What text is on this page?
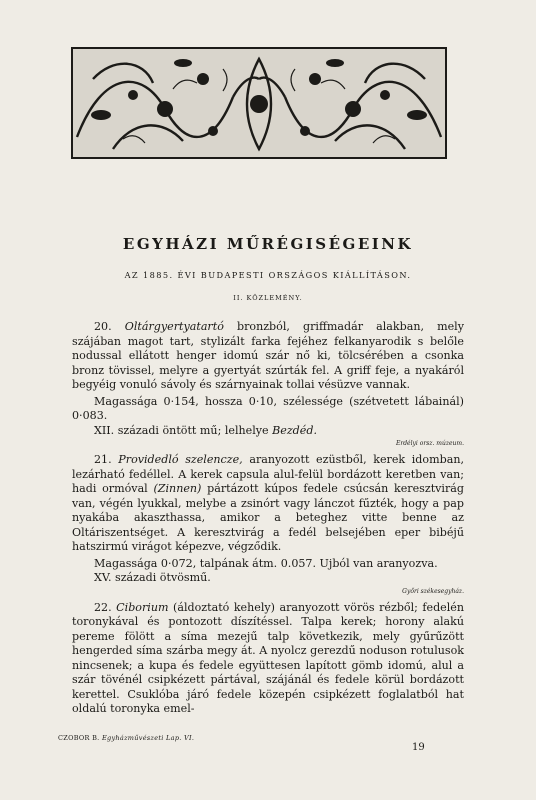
EGYHÁZI MŰRÉGISÉGEINK
AZ 1885. ÉVI BUDAPESTI ORSZÁGOS KIÁLLÍTÁSON.
II. KÖZLEMÉNY.

20. Oltárgyertyatartó bronzból, griffmadár alakban, mely szájában magot tart, stylizált farka fejéhez felkanyarodik s belőle nodussal ellátott henger idomú szár nő ki, tölcsérében a csonka bronz tövissel, melyre a gyertyát szúrták fel. A griff feje, a nyakáról begyéig vonuló sávoly és szárnyainak tollai vésüzve vannak.

Magassága 0·154, hossza 0·10, szélessége (szétvetett lábainál) 0·083.

XII. századi öntött mű; lelhelye Bezdéd.

Erdélyi orsz. múzeum.

21. Providedló szelencze, aranyozott ezüstből, kerek idomban, lezárható fedéllel. A kerek capsula alul-felül bordázott keretben van; hadi ormóval (Zinnen) pártázott kúpos fedele csúcsán keresztvirág van, végén lyukkal, melybe a zsinórt vagy lánczot fűzték, hogy a pap nyakába akaszthassa, amikor a beteghez vitte benne az Oltáriszentséget. A keresztvirág a fedél belsejében eper bibéjű hatszirmú virágot képezve, végződik.

Magassága 0·072, talpának átm. 0.057. Ujból van aranyozva.

XV. századi ötvösmű.

Győri székesegyház.

22. Ciborium (áldoztató kehely) aranyozott vörös rézből; fedelén toronykával és pontozott díszítéssel. Talpa kerek; horony alakú pereme fölött a síma mezejű talp következik, mely gyűrűzött hengerded síma szárba megy át. A nyolcz gerezdű noduson rotulusok nincsenek; a kupa és fedele együttesen lapított gömb idomú, alul a szár tövénél csipkézett pártával, szájánál és fedele körül bordázott kerettel. Csuklóba járó fedele közepén csipkézett foglalatból hat oldalú toronyka emel-

CZOBOR B. Egyházművészeti Lap. VI.
19
